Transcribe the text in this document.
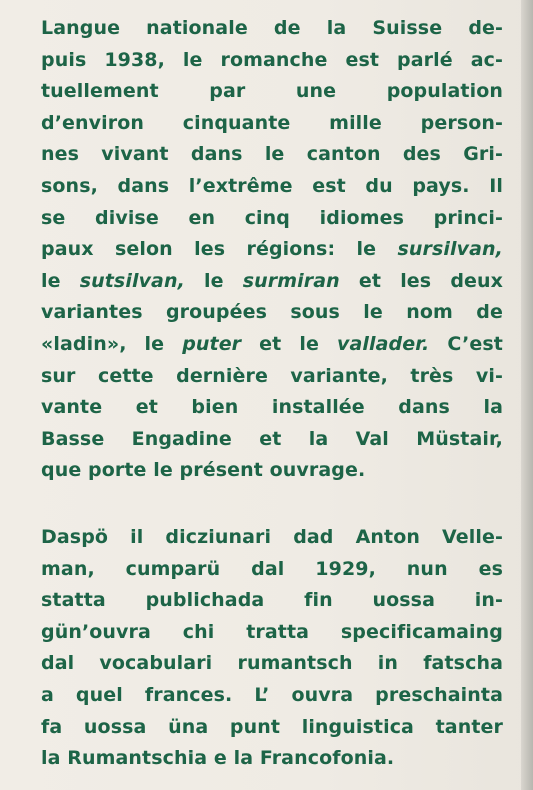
Langue nationale de la Suisse de-
puis 1938, le romanche est parlé ac-
tuellement par une population
d’environ cinquante mille person-
nes vivant dans le canton des Gri-
sons, dans l’extrême est du pays. Il
se divise en cinq idiomes princi-
paux selon les régions: le sursilvan,
le sutsilvan, le surmiran et les deux
variantes groupées sous le nom de
«ladin», le puter et le vallader. C’est
sur cette dernière variante, très vi-
vante et bien installée dans la
Basse Engadine et la Val Müstair,
que porte le présent ouvrage.
Daspö il dicziunari dad Anton Velle-
man, cumparü dal 1929, nun es
statta publichada fin uossa in-
gün’ouvra chi tratta specificamaing
dal vocabulari rumantsch in fatscha
a quel frances. L’ ouvra preschainta
fa uossa üna punt linguistica tanter
la Rumantschia e la Francofonia.
